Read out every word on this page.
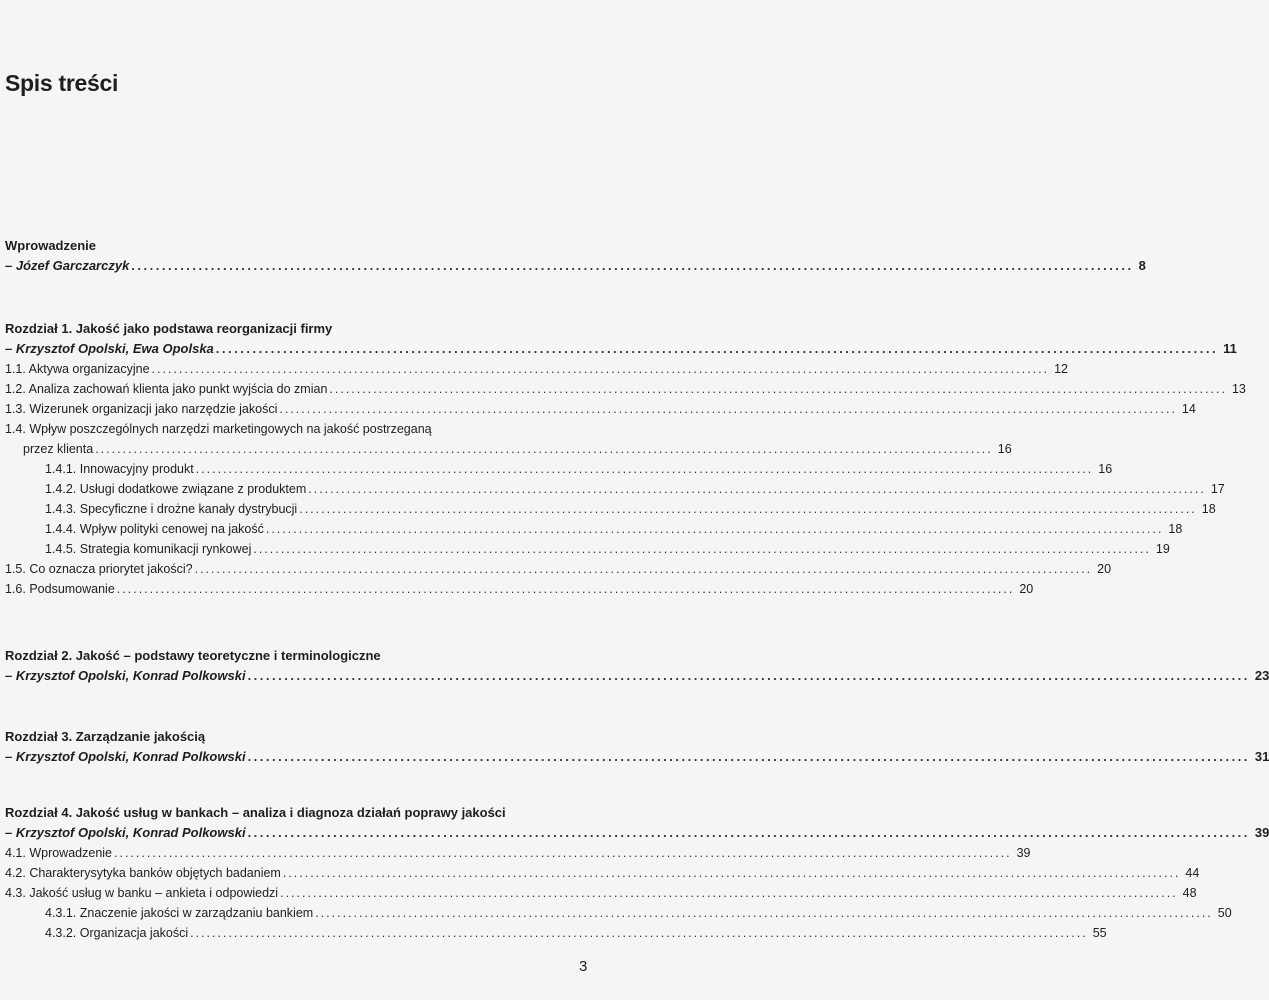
Spis treści
Wprowadzenie
– Józef Garczarczyk .................................................................................................................................................................... 8
Rozdział 1. Jakość jako podstawa reorganizacji firmy
– Krzysztof Opolski, Ewa Opolska .................................................................................................................................................................... 11
1.1. Aktywa organizacyjne .................................................................................................................................................................... 12
1.2. Analiza zachowań klienta jako punkt wyjścia do zmian .................................................................................................................................................................... 13
1.3. Wizerunek organizacji jako narzędzie jakości .................................................................................................................................................................... 14
1.4. Wpływ poszczególnych narzędzi marketingowych na jakość postrzeganą
przez klienta .................................................................................................................................................................... 16
1.4.1. Innowacyjny produkt .................................................................................................................................................................... 16
1.4.2. Usługi dodatkowe związane z produktem .................................................................................................................................................................... 17
1.4.3. Specyficzne i drożne kanały dystrybucji .................................................................................................................................................................... 18
1.4.4. Wpływ polityki cenowej na jakość .................................................................................................................................................................... 18
1.4.5. Strategia komunikacji rynkowej .................................................................................................................................................................... 19
1.5. Co oznacza priorytet jakości? .................................................................................................................................................................... 20
1.6. Podsumowanie .................................................................................................................................................................... 20
Rozdział 2. Jakość – podstawy teoretyczne i terminologiczne
– Krzysztof Opolski, Konrad Polkowski .................................................................................................................................................................... 23
Rozdział 3. Zarządzanie jakością
– Krzysztof Opolski, Konrad Polkowski .................................................................................................................................................................... 31
Rozdział 4. Jakość usług w bankach – analiza i diagnoza działań poprawy jakości
– Krzysztof Opolski, Konrad Polkowski .................................................................................................................................................................... 39
4.1. Wprowadzenie .................................................................................................................................................................... 39
4.2. Charakterysytyka banków objętych badaniem .................................................................................................................................................................... 44
4.3. Jakość usług w banku – ankieta i odpowiedzi .................................................................................................................................................................... 48
4.3.1. Znaczenie jakości w zarządzaniu bankiem .................................................................................................................................................................... 50
4.3.2. Organizacja jakości .................................................................................................................................................................... 55
3
